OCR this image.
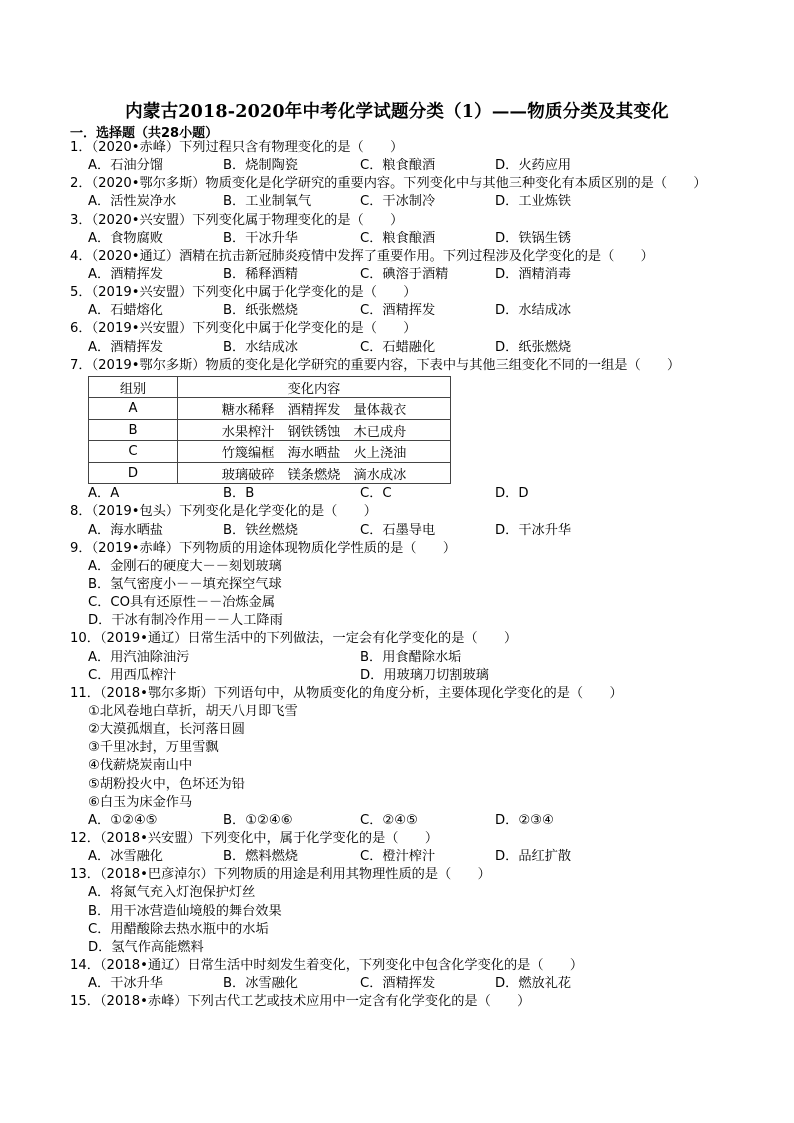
内蒙古2018-2020年中考化学试题分类（1）——物质分类及其变化
一．选择题（共28小题）
1．（2020•赤峰）下列过程只含有物理变化的是（　　）
A．石油分馏	B．烧制陶瓷	C．粮食酿酒	D．火药应用
2．（2020•鄂尔多斯）物质变化是化学研究的重要内容。下列变化中与其他三种变化有本质区别的是（　　）
A．活性炭净水	B．工业制氧气	C．干冰制冷	D．工业炼铁
3．（2020•兴安盟）下列变化属于物理变化的是（　　）
A．食物腐败	B．干冰升华	C．粮食酿酒	D．铁锅生锈
4．（2020•通辽）酒精在抗击新冠肺炎疫情中发挥了重要作用。下列过程涉及化学变化的是（　　）
A．酒精挥发	B．稀释酒精	C．碘溶于酒精	D．酒精消毒
5．（2019•兴安盟）下列变化中属于化学变化的是（　　）
A．石蜡熔化	B．纸张燃烧	C．酒精挥发	D．水结成冰
6．（2019•兴安盟）下列变化中属于化学变化的是（　　）
A．酒精挥发	B．水结成冰	C．石蜡融化	D．纸张燃烧
7．（2019•鄂尔多斯）物质的变化是化学研究的重要内容，下表中与其他三组变化不同的一组是（　　）
组别	变化内容
A	糖水稀释　酒精挥发　量体裁衣
B	水果榨汁　钢铁锈蚀　木已成舟
C	竹篾编框　海水晒盐　火上浇油
D	玻璃破碎　镁条燃烧　滴水成冰
A．A	B．B	C．C	D．D
8．（2019•包头）下列变化是化学变化的是（　　）
A．海水晒盐	B．铁丝燃烧	C．石墨导电	D．干冰升华
9．（2019•赤峰）下列物质的用途体现物质化学性质的是（　　）
A．金刚石的硬度大－－刻划玻璃
B．氢气密度小－－填充探空气球
C．CO具有还原性－－冶炼金属
D．干冰有制冷作用－－人工降雨
10．（2019•通辽）日常生活中的下列做法，一定会有化学变化的是（　　）
A．用汽油除油污	B．用食醋除水垢
C．用西瓜榨汁	D．用玻璃刀切割玻璃
11．（2018•鄂尔多斯）下列语句中，从物质变化的角度分析，主要体现化学变化的是（　　）
①北风卷地白草折，胡天八月即飞雪
②大漠孤烟直，长河落日圆
③千里冰封，万里雪飘
④伐薪烧炭南山中
⑤胡粉投火中，色坏还为铅
⑥白玉为床金作马
A．①②④⑤	B．①②④⑥	C．②④⑤	D．②③④
12．（2018•兴安盟）下列变化中，属于化学变化的是（　　）
A．冰雪融化	B．燃料燃烧	C．橙汁榨汁	D．品红扩散
13．（2018•巴彦淖尔）下列物质的用途是利用其物理性质的是（　　）
A．将氮气充入灯泡保护灯丝
B．用干冰营造仙境般的舞台效果
C．用醋酸除去热水瓶中的水垢
D．氢气作高能燃料
14．（2018•通辽）日常生活中时刻发生着变化，下列变化中包含化学变化的是（　　）
A．干冰升华	B．冰雪融化	C．酒精挥发	D．燃放礼花
15．（2018•赤峰）下列古代工艺或技术应用中一定含有化学变化的是（　　）
